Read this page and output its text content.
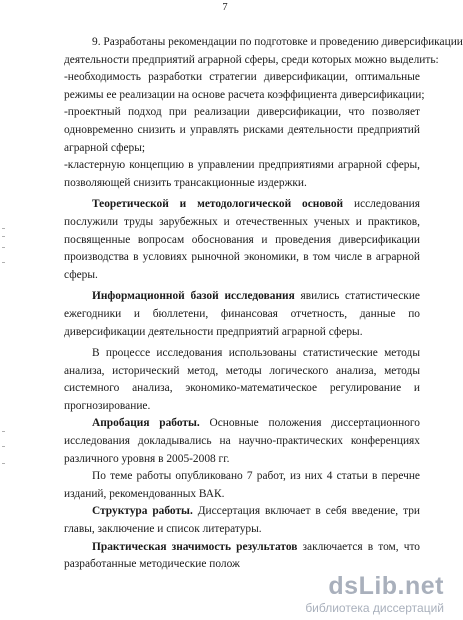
7
9. Разработаны рекомендации по подготовке и проведению диверсификации
деятельности предприятий аграрной сферы, среди которых можно выделить:
-необходимость разработки стратегии диверсификации, оптимальные
режимы ее реализации на основе расчета коэффициента диверсификации;
-проектный подход при реализации диверсификации, что позволяет
одновременно снизить и управлять рисками деятельности предприятий
аграрной сферы;
-кластерную концепцию в управлении предприятиями аграрной сферы,
позволяющей снизить трансакционные издержки.
Теоретической и методологической основой исследования
послужили труды зарубежных и отечественных ученых и практиков,
посвященные вопросам обоснования и проведения диверсификации
производства в условиях рыночной экономики, в том числе в аграрной
сферы.
Информационной базой исследования явились статистические
ежегодники и бюллетени, финансовая отчетность, данные по
диверсификации деятельности предприятий аграрной сферы.
В процессе исследования использованы статистические методы
анализа, исторический метод, методы логического анализа, методы
системного анализа, экономико-математическое регулирование и
прогнозирование.
Апробация работы. Основные положения диссертационного
исследования докладывались на научно-практических конференциях
различного уровня в 2005-2008 гг.
По теме работы опубликовано 7 работ, из них 4 статьи в перечне
изданий, рекомендованных ВАК.
Структура работы. Диссертация включает в себя введение, три
главы, заключение и список литературы.
Практическая значимость результатов заключается в том, что
разработанные методические полож
dsLib.net
библиотека диссертаций
